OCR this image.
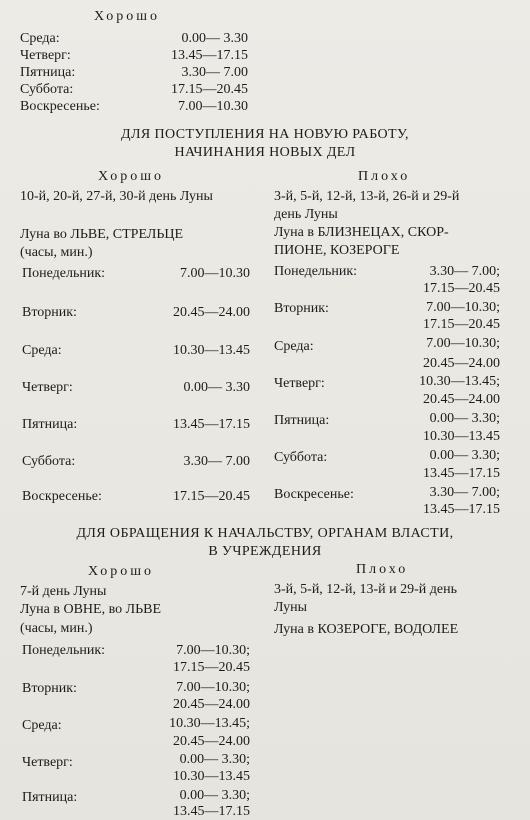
Хорошо
Среда:	0.00— 3.30
Четверг:	13.45—17.15
Пятница:	3.30— 7.00
Суббота:	17.15—20.45
Воскресенье:	7.00—10.30
ДЛЯ ПОСТУПЛЕНИЯ НА НОВУЮ РАБОТУ,
НАЧИНАНИЯ НОВЫХ ДЕЛ
Хорошо	Плохо
10-й, 20-й, 27-й, 30-й день Луны	3-й, 5-й, 12-й, 13-й, 26-й и 29-й
день Луны
Луна во ЛЬВЕ, СТРЕЛЬЦЕ
(часы, мин.)
Луна в БЛИЗНЕЦАХ, СКОР-
ПИОНЕ, КОЗЕРОГЕ
Понедельник:	7.00—10.30
Вторник:	20.45—24.00
Среда:	10.30—13.45
Четверг:	0.00— 3.30
Пятница:	13.45—17.15
Суббота:	3.30— 7.00
Воскресенье:	17.15—20.45
Понедельник:	3.30— 7.00;
17.15—20.45
Вторник:	7.00—10.30;
17.15—20.45
Среда:	7.00—10.30;
20.45—24.00
Четверг:	10.30—13.45;
20.45—24.00
Пятница:	0.00— 3.30;
10.30—13.45
Суббота:	0.00— 3.30;
13.45—17.15
Воскресенье:	3.30— 7.00;
13.45—17.15
ДЛЯ ОБРАЩЕНИЯ К НАЧАЛЬСТВУ, ОРГАНАМ ВЛАСТИ,
В УЧРЕЖДЕНИЯ
Хорошо	Плохо
7-й день Луны
Луна в ОВНЕ, во ЛЬВЕ
(часы, мин.)
3-й, 5-й, 12-й, 13-й и 29-й день
Луны
Луна в КОЗЕРОГЕ, ВОДОЛЕЕ
Понедельник:	7.00—10.30;
17.15—20.45
Вторник:	7.00—10.30;
20.45—24.00
Среда:	10.30—13.45;
20.45—24.00
Четверг:	0.00— 3.30;
10.30—13.45
Пятница:	0.00— 3.30;
13.45—17.15
